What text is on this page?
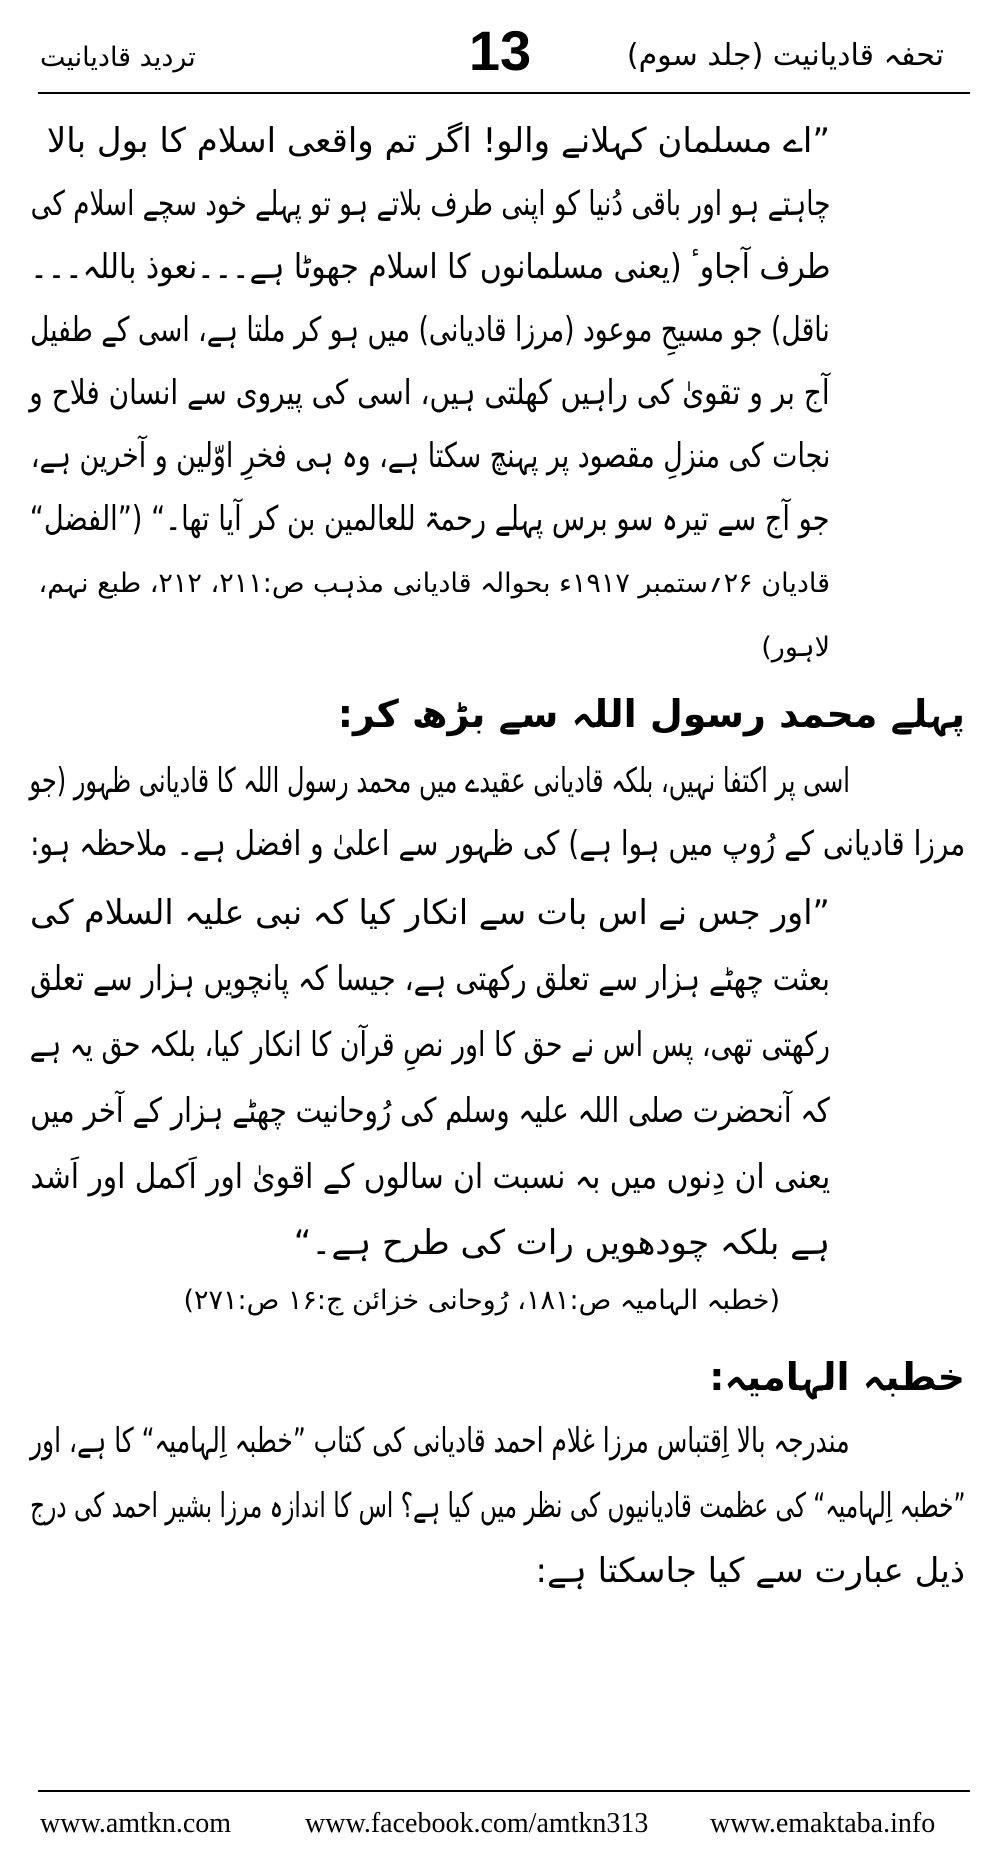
تحفہ قادیانیت (جلد سوم)
13
تردید قادیانیت
”اے مسلمان کہلانے والو! اگر تم واقعی اسلام کا بول بالا
چاہتے ہو اور باقی دُنیا کو اپنی طرف بلاتے ہو تو پہلے خود سچے اسلام کی
طرف آجاوٴ (یعنی مسلمانوں کا اسلام جھوٹا ہے۔۔۔نعوذ باللہ۔۔۔
ناقل) جو مسیحِ موعود (مرزا قادیانی) میں ہو کر ملتا ہے، اسی کے طفیل
آج بر و تقویٰ کی راہیں کھلتی ہیں، اسی کی پیروی سے انسان فلاح و
نجات کی منزلِ مقصود پر پہنچ سکتا ہے، وہ ہی فخرِ اوّلین و آخرین ہے،
جو آج سے تیرہ سو برس پہلے رحمۃ للعالمین بن کر آیا تھا۔“ (”الفضل“
قادیان ۲۶؍ستمبر ۱۹۱۷ء بحوالہ قادیانی مذہب ص:۲۱۱، ۲۱۲، طبع نہم،
لاہور)
پہلے محمد رسول اللہ سے بڑھ کر:
اسی پر اکتفا نہیں، بلکہ قادیانی عقیدے میں محمد رسول اللہ کا قادیانی ظہور (جو
مرزا قادیانی کے رُوپ میں ہوا ہے) کی ظہور سے اعلیٰ و افضل ہے۔ ملاحظہ ہو:
”اور جس نے اس بات سے انکار کیا کہ نبی علیہ السلام کی
بعثت چھٹے ہزار سے تعلق رکھتی ہے، جیسا کہ پانچویں ہزار سے تعلق
رکھتی تھی، پس اس نے حق کا اور نصِ قرآن کا انکار کیا، بلکہ حق یہ ہے
کہ آنحضرت صلی اللہ علیہ وسلم کی رُوحانیت چھٹے ہزار کے آخر میں
یعنی ان دِنوں میں بہ نسبت ان سالوں کے اقویٰ اور اَکمل اور اَشد
ہے بلکہ چودھویں رات کی طرح ہے۔“
(خطبہ الہامیہ ص:۱۸۱، رُوحانی خزائن ج:۱۶ ص:۲۷۱)
خطبہ الہامیہ:
مندرجہ بالا اِقتباس مرزا غلام احمد قادیانی کی کتاب ”خطبہ اِلہامیہ“ کا ہے، اور
”خطبہ اِلہامیہ“ کی عظمت قادیانیوں کی نظر میں کیا ہے؟ اس کا اندازہ مرزا بشیر احمد کی درج
ذیل عبارت سے کیا جاسکتا ہے:
www.amtkn.com	www.facebook.com/amtkn313 www.emaktaba.info
